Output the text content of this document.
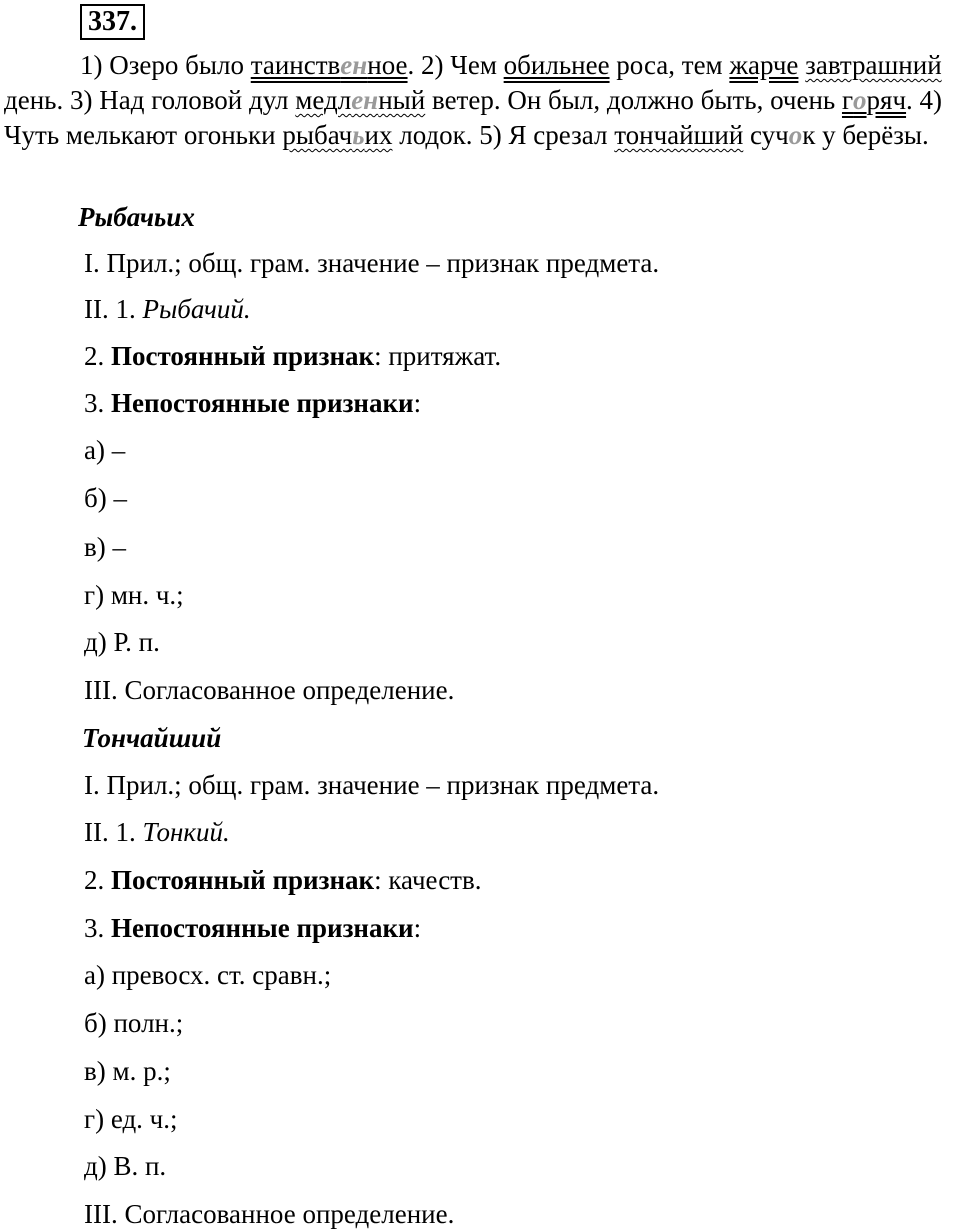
337.

1) Озеро было таинственное. 2) Чем обильнее роса, тем жарче завтрашний день. 3) Над головой дул медленный ветер. Он был, должно быть, очень горяч. 4) Чуть мелькают огоньки рыбачьих лодок. 5) Я срезал тончайший сучок у берёзы.

Рыбачьих

I. Прил.; общ. грам. значение – признак предмета.

II. 1. Рыбачий.

2. Постоянный признак: притяжат.

3. Непостоянные признаки:

а) –

б) –

в) –

г) мн. ч.;

д) Р. п.

III. Согласованное определение.

Тончайший

I. Прил.; общ. грам. значение – признак предмета.

II. 1. Тонкий.

2. Постоянный признак: качеств.

3. Непостоянные признаки:

а) превосх. ст. сравн.;

б) полн.;

в) м. р.;

г) ед. ч.;

д) В. п.

III. Согласованное определение.
